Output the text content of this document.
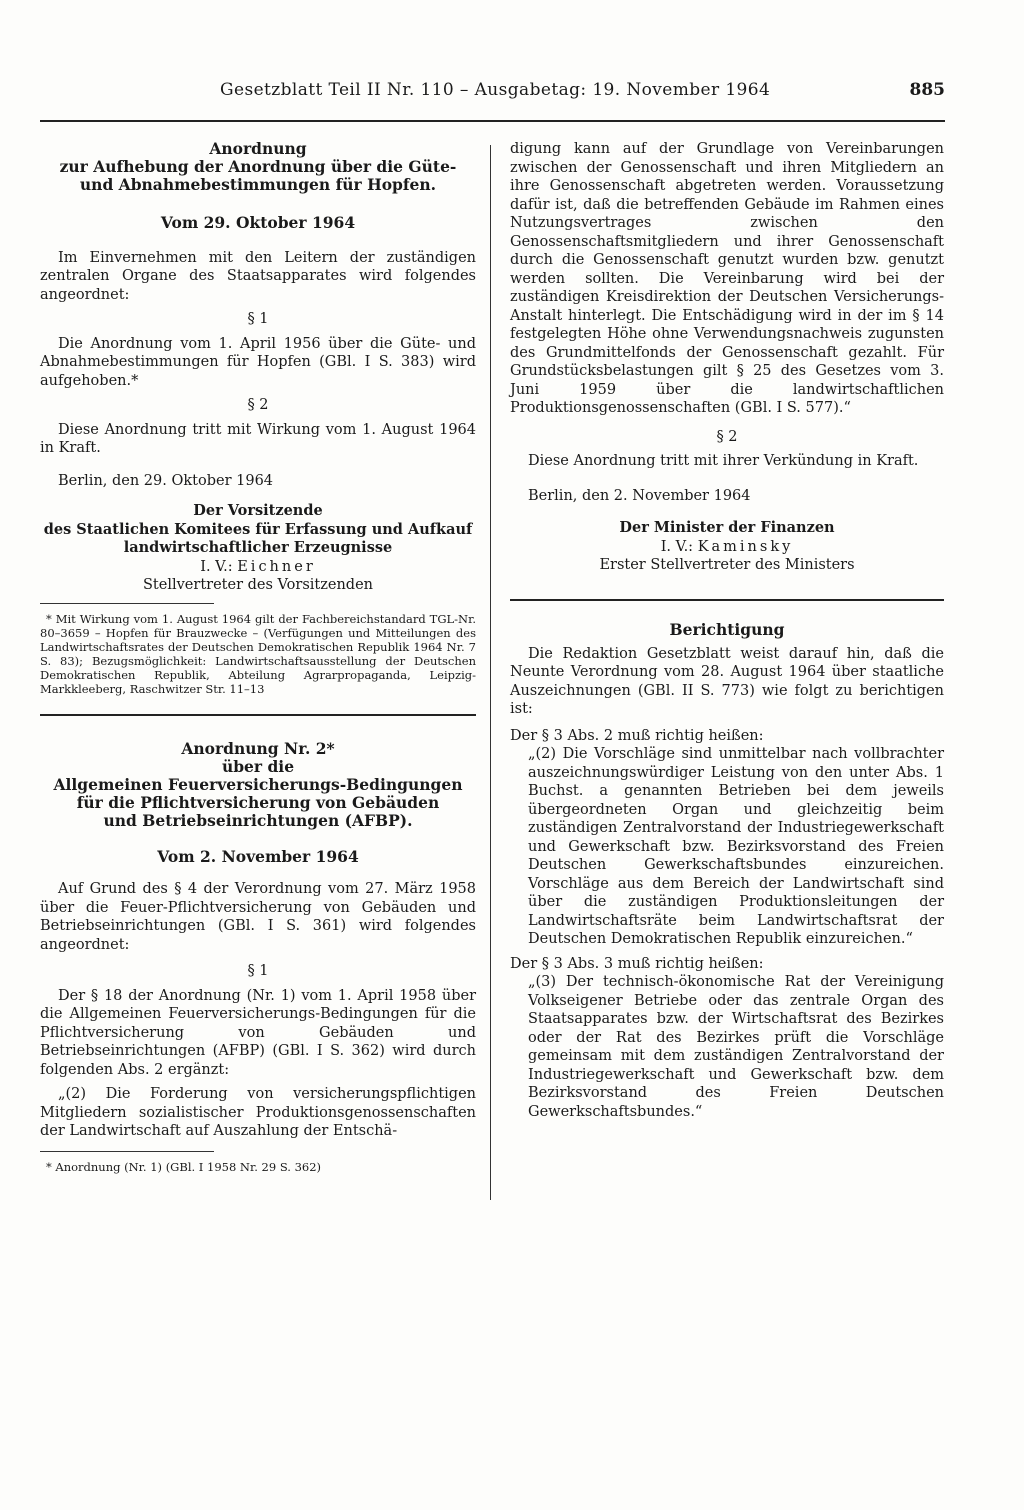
Gesetzblatt Teil II Nr. 110 – Ausgabetag: 19. November 1964	885

Anordnung

zur Aufhebung der Anordnung über die Güte-

und Abnahmebestimmungen für Hopfen.

Vom 29. Oktober 1964

Im Einvernehmen mit den Leitern der zuständigen zentralen Organe des Staatsapparates wird folgendes angeordnet:

§ 1

Die Anordnung vom 1. April 1956 über die Güte- und Abnahmebestimmungen für Hopfen (GBl. I S. 383) wird aufgehoben.*

§ 2

Diese Anordnung tritt mit Wirkung vom 1. August 1964 in Kraft.

Berlin, den 29. Oktober 1964

Der Vorsitzende

des Staatlichen Komitees für Erfassung und Aufkauf

landwirtschaftlicher Erzeugnisse

I. V.: Eichner

Stellvertreter des Vorsitzenden

* Mit Wirkung vom 1. August 1964 gilt der Fachbereichstandard TGL-Nr. 80–3659 – Hopfen für Brauzwecke – (Verfügungen und Mitteilungen des Landwirtschaftsrates der Deutschen Demokratischen Republik 1964 Nr. 7 S. 83); Bezugsmöglichkeit: Landwirtschaftsausstellung der Deutschen Demokratischen Republik, Abteilung Agrarpropaganda, Leipzig-Markkleeberg, Raschwitzer Str. 11–13

Anordnung Nr. 2*

über die

Allgemeinen Feuerversicherungs-Bedingungen

für die Pflichtversicherung von Gebäuden

und Betriebseinrichtungen (AFBP).

Vom 2. November 1964

Auf Grund des § 4 der Verordnung vom 27. März 1958 über die Feuer-Pflichtversicherung von Gebäuden und Betriebseinrichtungen (GBl. I S. 361) wird folgendes angeordnet:

§ 1

Der § 18 der Anordnung (Nr. 1) vom 1. April 1958 über die Allgemeinen Feuerversicherungs-Bedingungen für die Pflichtversicherung von Gebäuden und Betriebseinrichtungen (AFBP) (GBl. I S. 362) wird durch folgenden Abs. 2 ergänzt:

„(2) Die Forderung von versicherungspflichtigen Mitgliedern sozialistischer Produktionsgenossenschaften der Landwirtschaft auf Auszahlung der Entschä-

* Anordnung (Nr. 1) (GBl. I 1958 Nr. 29 S. 362)

digung kann auf der Grundlage von Vereinbarungen zwischen der Genossenschaft und ihren Mitgliedern an ihre Genossenschaft abgetreten werden. Voraussetzung dafür ist, daß die betreffenden Gebäude im Rahmen eines Nutzungsvertrages zwischen den Genossenschaftsmitgliedern und ihrer Genossenschaft durch die Genossenschaft genutzt wurden bzw. genutzt werden sollten. Die Vereinbarung wird bei der zuständigen Kreisdirektion der Deutschen Versicherungs-Anstalt hinterlegt. Die Entschädigung wird in der im § 14 festgelegten Höhe ohne Verwendungsnachweis zugunsten des Grundmittelfonds der Genossenschaft gezahlt. Für Grundstücksbelastungen gilt § 25 des Gesetzes vom 3. Juni 1959 über die landwirtschaftlichen Produktionsgenossenschaften (GBl. I S. 577).“

§ 2

Diese Anordnung tritt mit ihrer Verkündung in Kraft.

Berlin, den 2. November 1964

Der Minister der Finanzen

I. V.: Kaminsky

Erster Stellvertreter des Ministers

Berichtigung

Die Redaktion Gesetzblatt weist darauf hin, daß die Neunte Verordnung vom 28. August 1964 über staatliche Auszeichnungen (GBl. II S. 773) wie folgt zu berichtigen ist:

Der § 3 Abs. 2 muß richtig heißen:

„(2) Die Vorschläge sind unmittelbar nach vollbrachter auszeichnungswürdiger Leistung von den unter Abs. 1 Buchst. a genannten Betrieben bei dem jeweils übergeordneten Organ und gleichzeitig beim zuständigen Zentralvorstand der Industriegewerkschaft und Gewerkschaft bzw. Bezirksvorstand des Freien Deutschen Gewerkschaftsbundes einzureichen. Vorschläge aus dem Bereich der Landwirtschaft sind über die zuständigen Produktionsleitungen der Landwirtschaftsräte beim Landwirtschaftsrat der Deutschen Demokratischen Republik einzureichen.“

Der § 3 Abs. 3 muß richtig heißen:

„(3) Der technisch-ökonomische Rat der Vereinigung Volkseigener Betriebe oder das zentrale Organ des Staatsapparates bzw. der Wirtschaftsrat des Bezirkes oder der Rat des Bezirkes prüft die Vorschläge gemeinsam mit dem zuständigen Zentralvorstand der Industriegewerkschaft und Gewerkschaft bzw. dem Bezirksvorstand des Freien Deutschen Gewerkschaftsbundes.“
